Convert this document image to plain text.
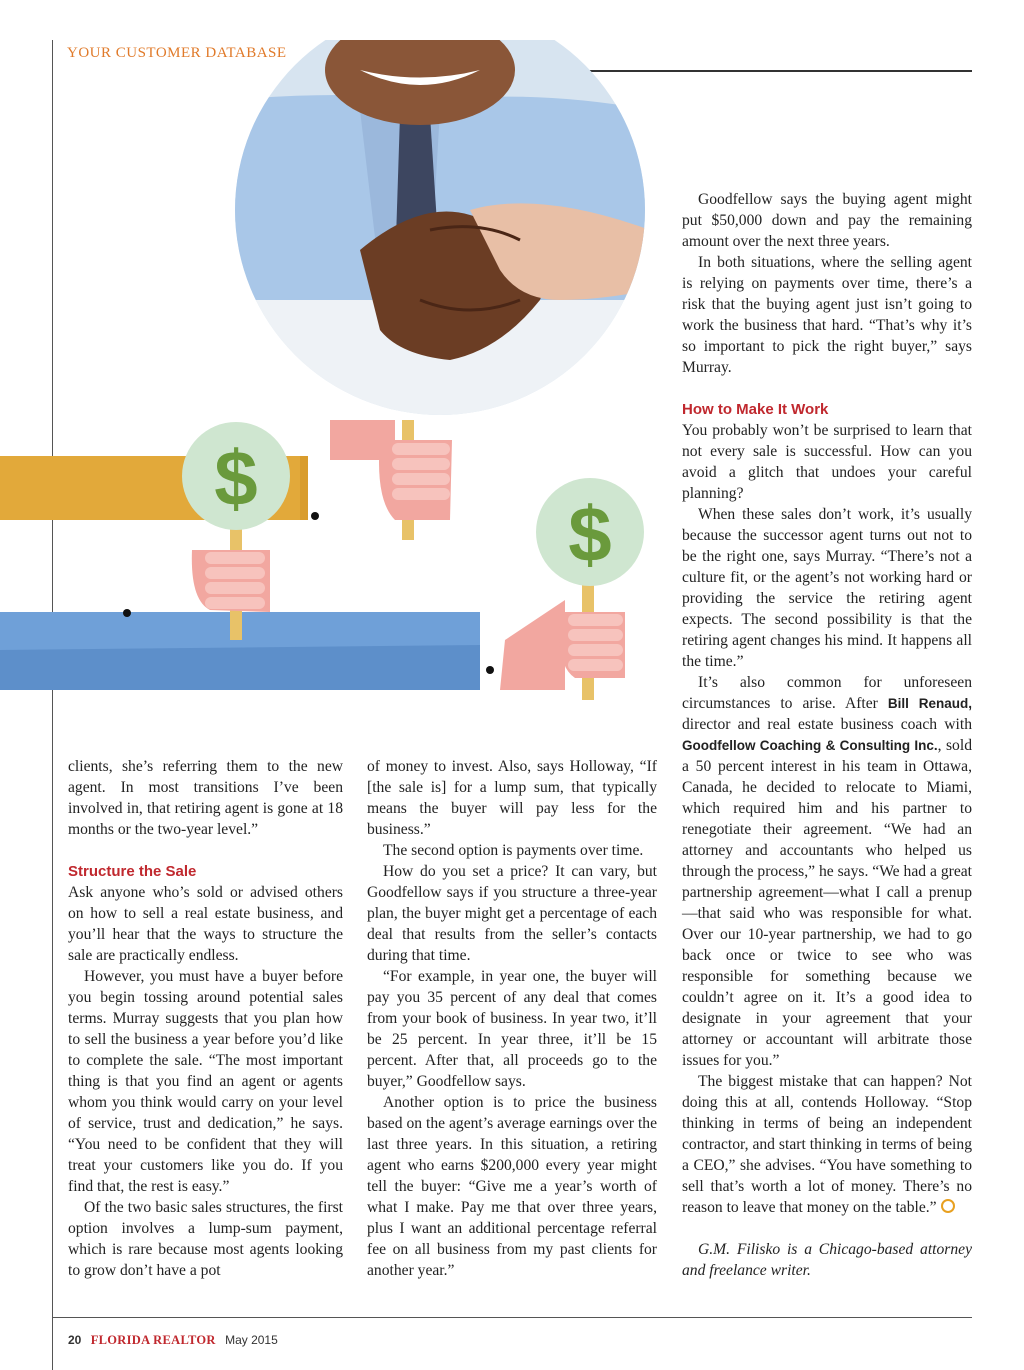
YOUR CUSTOMER DATABASE
$
$

clients, she’s referring them to the new agent. In most transitions I’ve been involved in, that retiring agent is gone at 18 months or the two-year level.”

Structure the Sale

Ask anyone who’s sold or advised others on how to sell a real estate business, and you’ll hear that the ways to structure the sale are practically endless.

However, you must have a buyer before you begin tossing around potential sales terms. Murray suggests that you plan how to sell the business a year before you’d like to complete the sale. “The most important thing is that you find an agent or agents whom you think would carry on your level of service, trust and dedication,” he says. “You need to be confident that they will treat your customers like you do. If you find that, the rest is easy.”

Of the two basic sales structures, the first option involves a lump-sum payment, which is rare because most agents looking to grow don’t have a pot

of money to invest. Also, says Holloway, “If [the sale is] for a lump sum, that typically means the buyer will pay less for the business.”

The second option is payments over time.

How do you set a price? It can vary, but Goodfellow says if you structure a three-year plan, the buyer might get a percentage of each deal that results from the seller’s contacts during that time.

“For example, in year one, the buyer will pay you 35 percent of any deal that comes from your book of business. In year two, it’ll be 25 percent. In year three, it’ll be 15 percent. After that, all proceeds go to the buyer,” Goodfellow says.

Another option is to price the business based on the agent’s average earnings over the last three years. In this situation, a retiring agent who earns $200,000 every year might tell the buyer: “Give me a year’s worth of what I make. Pay me that over three years, plus I want an additional percentage referral fee on all business from my past clients for another year.”

Goodfellow says the buying agent might put $50,000 down and pay the remaining amount over the next three years.

In both situations, where the selling agent is relying on payments over time, there’s a risk that the buying agent just isn’t going to work the business that hard. “That’s why it’s so important to pick the right buyer,” says Murray.

How to Make It Work

You probably won’t be surprised to learn that not every sale is successful. How can you avoid a glitch that undoes your careful planning?

When these sales don’t work, it’s usually because the successor agent turns out not to be the right one, says Murray. “There’s not a culture fit, or the agent’s not working hard or providing the service the retiring agent expects. The second possibility is that the retiring agent changes his mind. It happens all the time.”

It’s also common for unforeseen circumstances to arise. After Bill Renaud, director and real estate business coach with Goodfellow Coaching & Consulting Inc., sold a 50 percent interest in his team in Ottawa, Canada, he decided to relocate to Miami, which required him and his partner to renegotiate their agreement. “We had an attorney and accountants who helped us through the process,” he says. “We had a great partnership agreement—what I call a prenup—that said who was responsible for what. Over our 10-year partnership, we had to go back once or twice to see who was responsible for something because we couldn’t agree on it. It’s a good idea to designate in your agreement that your attorney or accountant will arbitrate those issues for you.”

The biggest mistake that can happen? Not doing this at all, contends Holloway. “Stop thinking in terms of being an independent contractor, and start thinking in terms of being a CEO,” she advises. “You have something to sell that’s worth a lot of money. There’s no reason to leave that money on the table.”

G.M. Filisko is a Chicago-based attorney and freelance writer.

20 FLORIDA REALTOR May 2015
